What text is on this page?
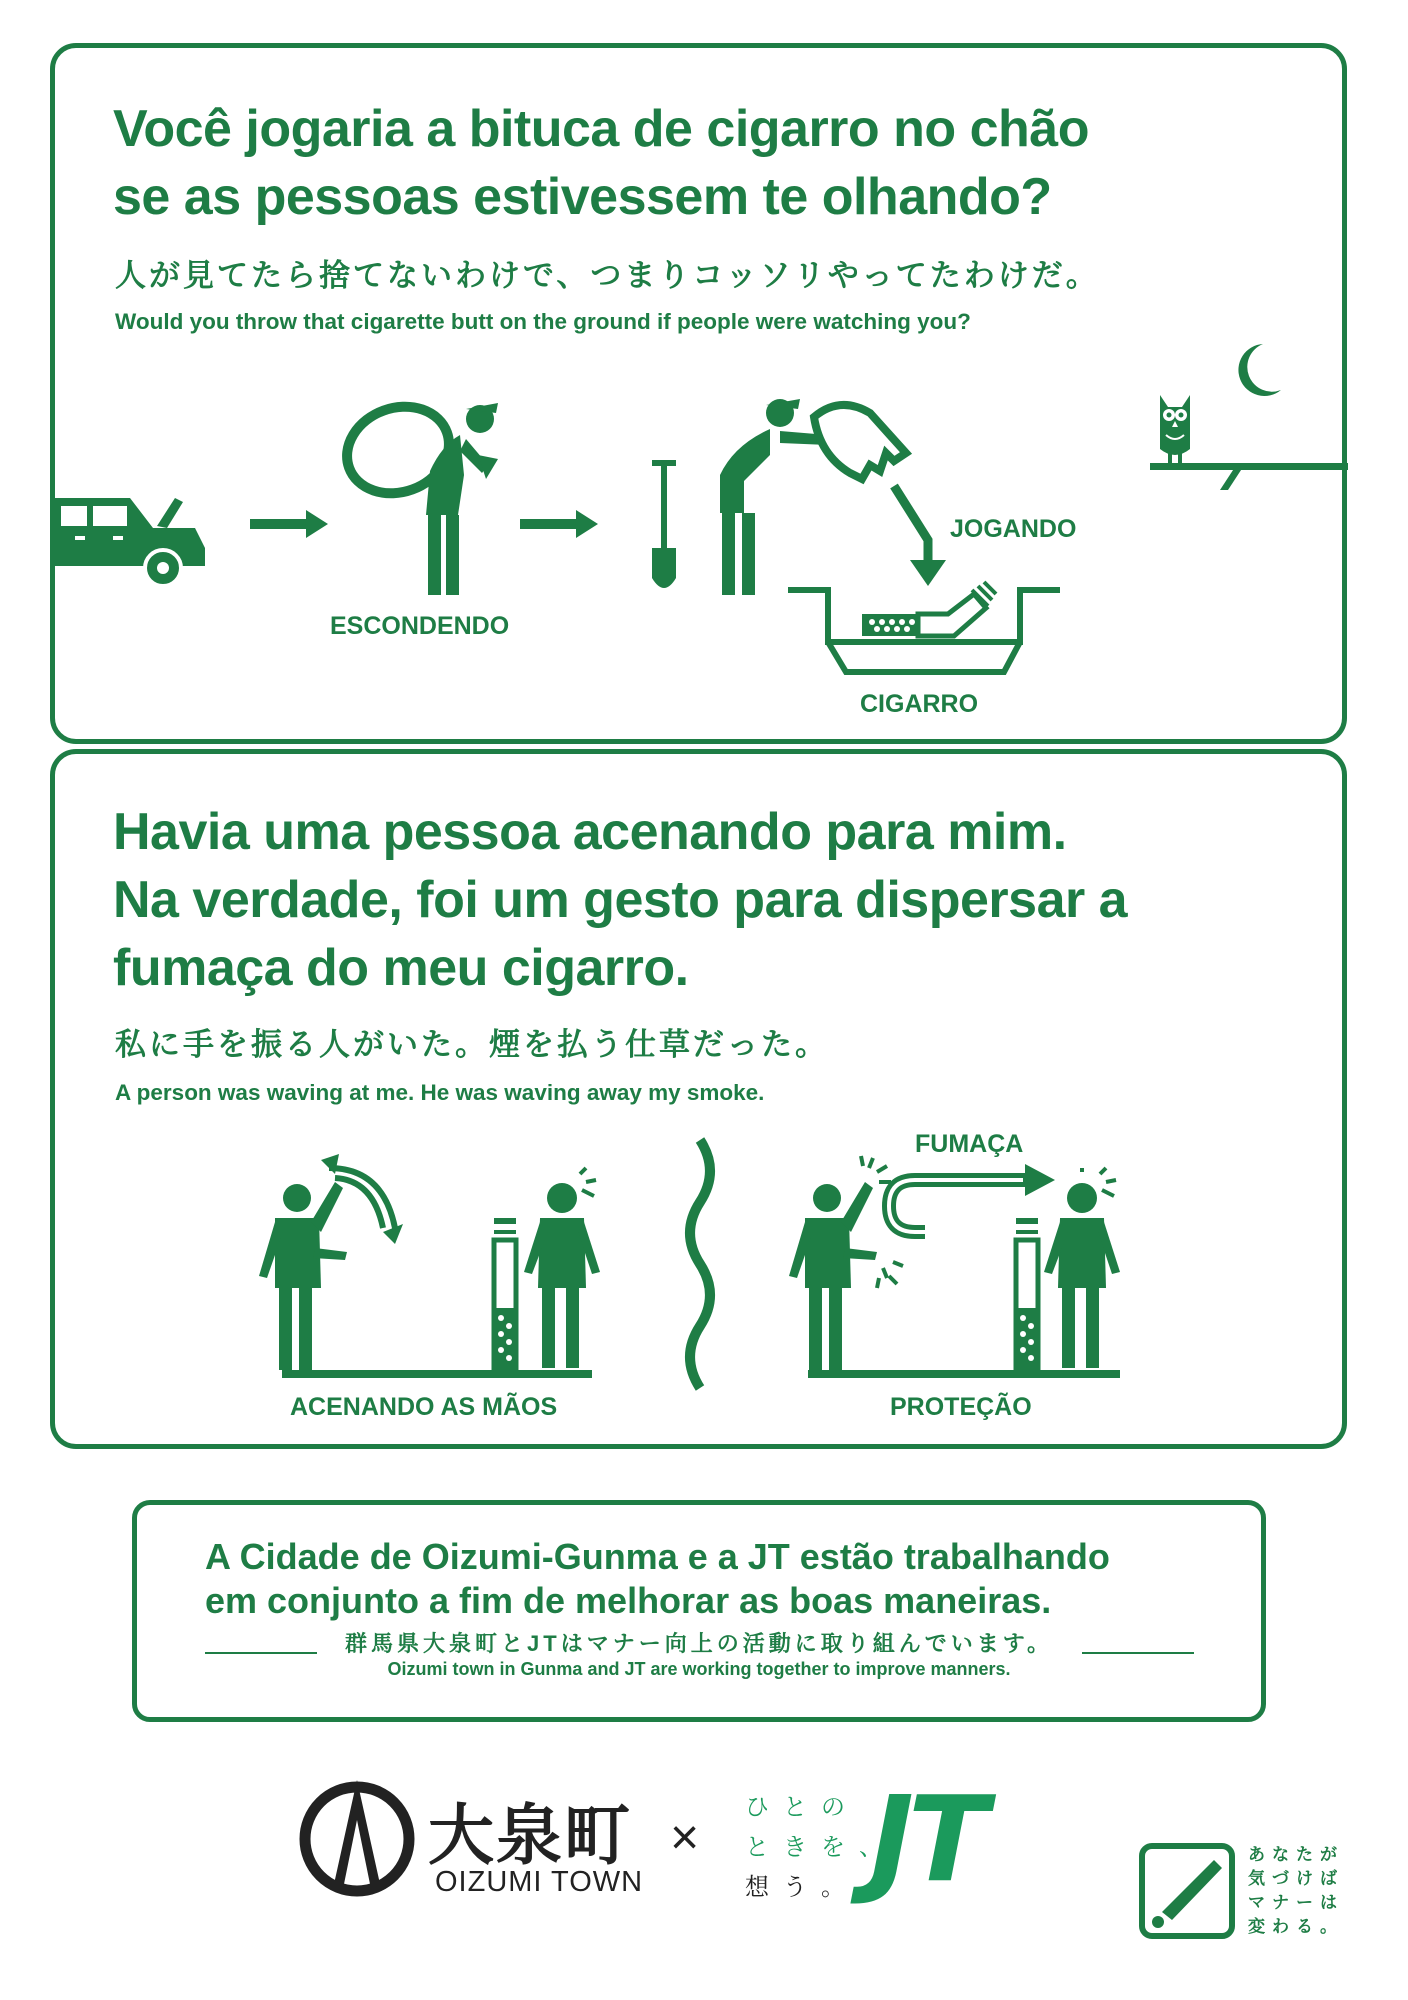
Você jogaria a bituca de cigarro no chão
se as pessoas estivessem te olhando?
人が見てたら捨てないわけで、つまりコッソリやってたわけだ。
Would you throw that cigarette butt on the ground if people were watching you?
ESCONDENDO
JOGANDO
CIGARRO
Havia uma pessoa acenando para mim.
Na verdade, foi um gesto para dispersar a
fumaça do meu cigarro.
私に手を振る人がいた。煙を払う仕草だった。
A person was waving at me. He was waving away my smoke.
ACENANDO AS MÃOS
FUMAÇA
PROTEÇÃO
A Cidade de Oizumi-Gunma e a JT estão trabalhando
em conjunto a fim de melhorar as boas maneiras.
群馬県大泉町とJTはマナー向上の活動に取り組んでいます。
Oizumi town in Gunma and JT are working together to improve manners.
大泉町
OIZUMI TOWN
×
ひとの
ときを、
想う。 JT	あなたが
気づけば
マナーは
変わる。
